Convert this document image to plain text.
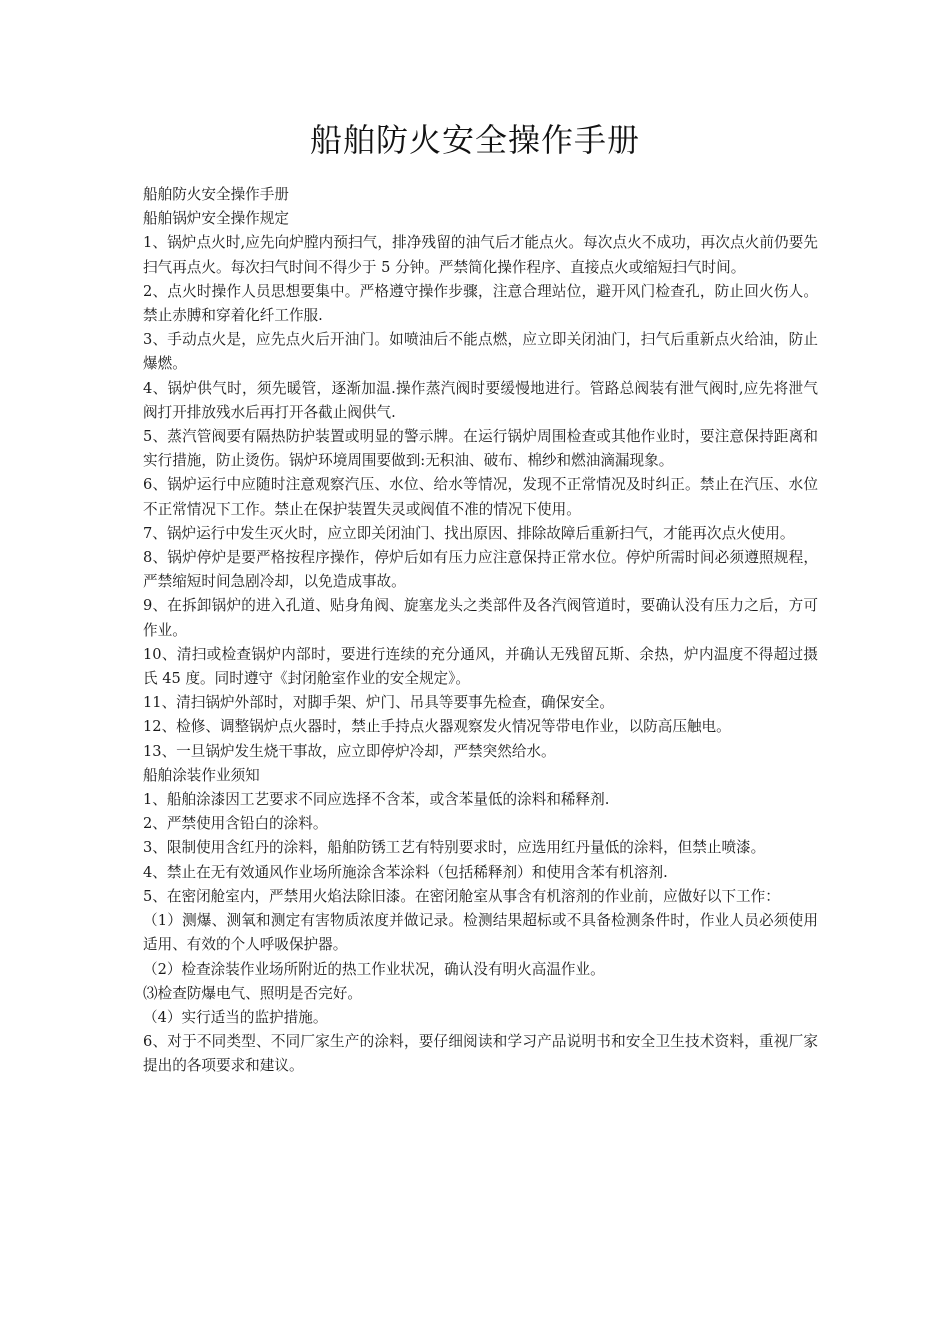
船舶防火安全操作手册

船舶防火安全操作手册

船舶锅炉安全操作规定

1、锅炉点火时,应先向炉膛内预扫气，排净残留的油气后才能点火。每次点火不成功，再次点火前仍要先扫气再点火。每次扫气时间不得少于 5 分钟。严禁简化操作程序、直接点火或缩短扫气时间。

2、点火时操作人员思想要集中。严格遵守操作步骤，注意合理站位，避开风门检查孔，防止回火伤人。禁止赤膊和穿着化纤工作服.

3、手动点火是，应先点火后开油门。如喷油后不能点燃，应立即关闭油门，扫气后重新点火给油，防止爆燃。

4、锅炉供气时，须先暖管，逐渐加温.操作蒸汽阀时要缓慢地进行。管路总阀装有泄气阀时,应先将泄气阀打开排放残水后再打开各截止阀供气.

5、蒸汽管阀要有隔热防护装置或明显的警示牌。在运行锅炉周围检查或其他作业时，要注意保持距离和实行措施，防止烫伤。锅炉环境周围要做到:无积油、破布、棉纱和燃油滴漏现象。

6、锅炉运行中应随时注意观察汽压、水位、给水等情况，发现不正常情况及时纠正。禁止在汽压、水位不正常情况下工作。禁止在保护装置失灵或阀值不准的情况下使用。

7、锅炉运行中发生灭火时，应立即关闭油门、找出原因、排除故障后重新扫气，才能再次点火使用。

8、锅炉停炉是要严格按程序操作，停炉后如有压力应注意保持正常水位。停炉所需时间必须遵照规程，严禁缩短时间急剧冷却，以免造成事故。

9、在拆卸锅炉的进入孔道、贴身角阀、旋塞龙头之类部件及各汽阀管道时，要确认没有压力之后，方可作业。

10、清扫或检查锅炉内部时，要进行连续的充分通风，并确认无残留瓦斯、余热，炉内温度不得超过摄氏 45 度。同时遵守《封闭舱室作业的安全规定》。

11、清扫锅炉外部时，对脚手架、炉门、吊具等要事先检查，确保安全。

12、检修、调整锅炉点火器时，禁止手持点火器观察发火情况等带电作业，以防高压触电。

13、一旦锅炉发生烧干事故，应立即停炉冷却，严禁突然给水。

船舶涂装作业须知

1、船舶涂漆因工艺要求不同应选择不含苯，或含苯量低的涂料和稀释剂.

2、严禁使用含铅白的涂料。

3、限制使用含红丹的涂料，船舶防锈工艺有特别要求时，应选用红丹量低的涂料，但禁止喷漆。

4、禁止在无有效通风作业场所施涂含苯涂料（包括稀释剂）和使用含苯有机溶剂.

5、在密闭舱室内，严禁用火焰法除旧漆。在密闭舱室从事含有机溶剂的作业前，应做好以下工作：

（1）测爆、测氧和测定有害物质浓度并做记录。检测结果超标或不具备检测条件时，作业人员必须使用适用、有效的个人呼吸保护器。

（2）检查涂装作业场所附近的热工作业状况，确认没有明火高温作业。

⑶检查防爆电气、照明是否完好。

（4）实行适当的监护措施。

6、对于不同类型、不同厂家生产的涂料，要仔细阅读和学习产品说明书和安全卫生技术资料，重视厂家提出的各项要求和建议。
